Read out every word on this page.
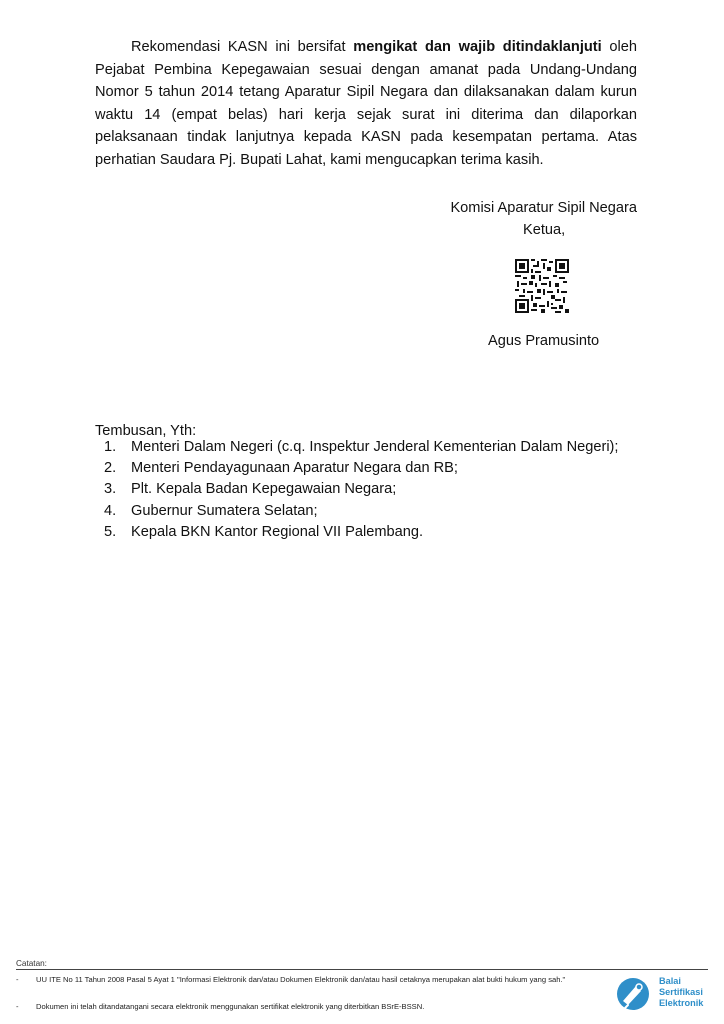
Rekomendasi KASN ini bersifat mengikat dan wajib ditindaklanjuti oleh Pejabat Pembina Kepegawaian sesuai dengan amanat pada Undang-Undang Nomor 5 tahun 2014 tetang Aparatur Sipil Negara dan dilaksanakan dalam kurun waktu 14 (empat belas) hari kerja sejak surat ini diterima dan dilaporkan pelaksanaan tindak lanjutnya kepada KASN pada kesempatan pertama. Atas perhatian Saudara Pj. Bupati Lahat, kami mengucapkan terima kasih.

Komisi Aparatur Sipil Negara
Ketua,
Agus Pramusinto
Tembusan, Yth:
1. Menteri Dalam Negeri (c.q. Inspektur Jenderal Kementerian Dalam Negeri);
2. Menteri Pendayagunaan Aparatur Negara dan RB;
3. Plt. Kepala Badan Kepegawaian Negara;
4. Gubernur Sumatera Selatan;
5. Kepala BKN Kantor Regional VII Palembang.
Catatan:
- UU ITE No 11 Tahun 2008 Pasal 5 Ayat 1 "Informasi Elektronik dan/atau Dokumen Elektronik dan/atau hasil cetaknya merupakan alat bukti hukum yang sah."
- Dokumen ini telah ditandatangani secara elektronik menggunakan sertifikat elektronik yang diterbitkan BSrE-BSSN.
Balai
Sertifikasi
Elektronik
